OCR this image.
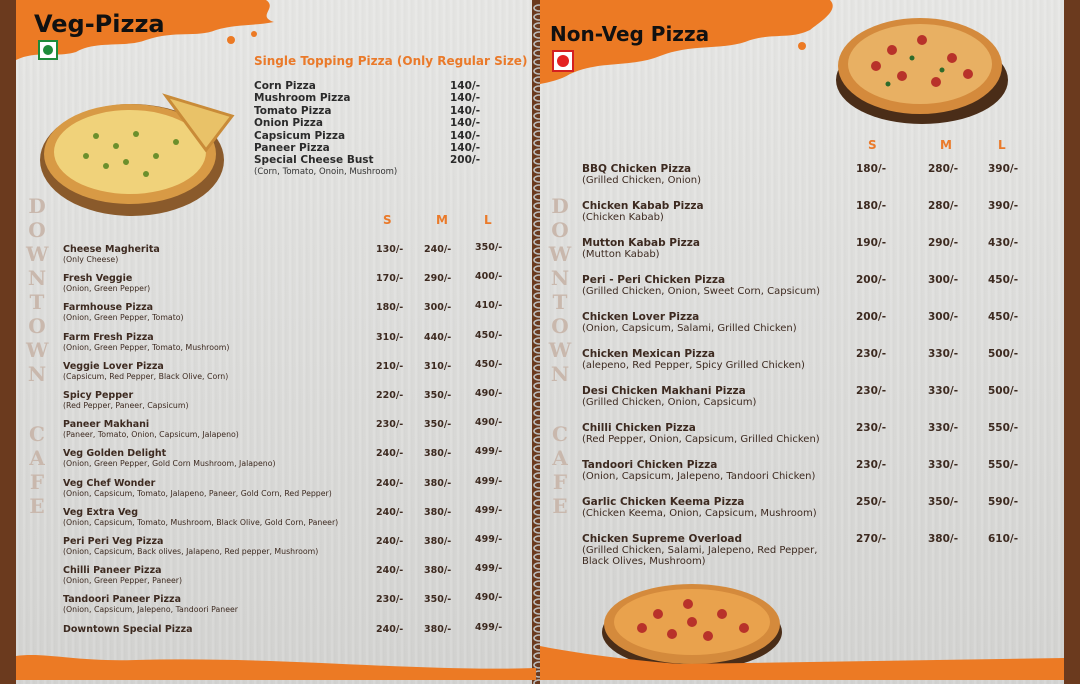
Veg-Pizza
Single Topping Pizza (Only Regular Size)
Corn Pizza	140/-
Mushroom Pizza	140/-
Tomato Pizza	140/-
Onion Pizza	140/-
Capsicum Pizza	140/-
Paneer Pizza	140/-
Special Cheese Bust	200/-
(Corn, Tomato, Onoin, Mushroom)
S	M	L
D
O
W
N
T
O
W
N
C
A
F
E
Cheese Magherita
(Only Cheese)
130/- 240/-	350/-
Fresh Veggie
(Onion, Green Pepper)
170/- 290/-	400/-
Farmhouse Pizza
(Onion, Green Pepper, Tomato)
180/- 300/-	410/-
Farm Fresh Pizza
(Onion, Green Pepper, Tomato, Mushroom)
310/- 440/-	450/-
Veggie Lover Pizza
(Capsicum, Red Pepper, Black Olive, Corn)
210/- 310/-	450/-
Spicy Pepper
(Red Pepper, Paneer, Capsicum)
220/- 350/-	490/-
Paneer Makhani
(Paneer, Tomato, Onion, Capsicum, Jalapeno)
230/- 350/-	490/-
Veg Golden Delight
(Onion, Green Pepper, Gold Corn Mushroom, Jalapeno)
240/- 380/-	499/-
Veg Chef Wonder
(Onion, Capsicum, Tomato, Jalapeno, Paneer, Gold Corn, Red Pepper)
240/- 380/-	499/-
Veg Extra Veg
(Onion, Capsicum, Tomato, Mushroom, Black Olive, Gold Corn, Paneer)
240/- 380/-	499/-
Peri Peri Veg Pizza
(Onion, Capsicum, Back olives, Jalapeno, Red pepper, Mushroom)
240/- 380/-	499/-
Chilli Paneer Pizza
(Onion, Green Pepper, Paneer)
240/- 380/-	499/-
Tandoori Paneer Pizza
(Onion, Capsicum, Jalepeno, Tandoori Paneer
230/- 350/-	490/-
Downtown Special Pizza	240/- 380/-	499/-
Non-Veg Pizza
S	M	L
D
O
W
N
T
O
W
N
C
A
F
E
BBQ Chicken Pizza
(Grilled Chicken, Onion)
180/-	280/-	390/-
Chicken Kabab Pizza
(Chicken Kabab)
180/-	280/-	390/-
Mutton Kabab Pizza
(Mutton Kabab)
190/-	290/-	430/-
Peri - Peri Chicken Pizza
(Grilled Chicken, Onion, Sweet Corn, Capsicum)
200/-	300/-	450/-
Chicken Lover Pizza
(Onion, Capsicum, Salami, Grilled Chicken)
200/-	300/-	450/-
Chicken Mexican Pizza
(alepeno, Red Pepper, Spicy Grilled Chicken)
230/-	330/-	500/-
Desi Chicken Makhani Pizza
(Grilled Chicken, Onion, Capsicum)
230/-	330/-	500/-
Chilli Chicken Pizza
(Red Pepper, Onion, Capsicum, Grilled Chicken)
230/-	330/-	550/-
Tandoori Chicken Pizza
(Onion, Capsicum, Jalepeno, Tandoori Chicken)
230/-	330/-	550/-
Garlic Chicken Keema Pizza
(Chicken Keema, Onion, Capsicum, Mushroom)
250/-	350/-	590/-
Chicken Supreme Overload
(Grilled Chicken, Salami, Jalepeno, Red Pepper,
Black Olives, Mushroom)
270/-	380/-	610/-
